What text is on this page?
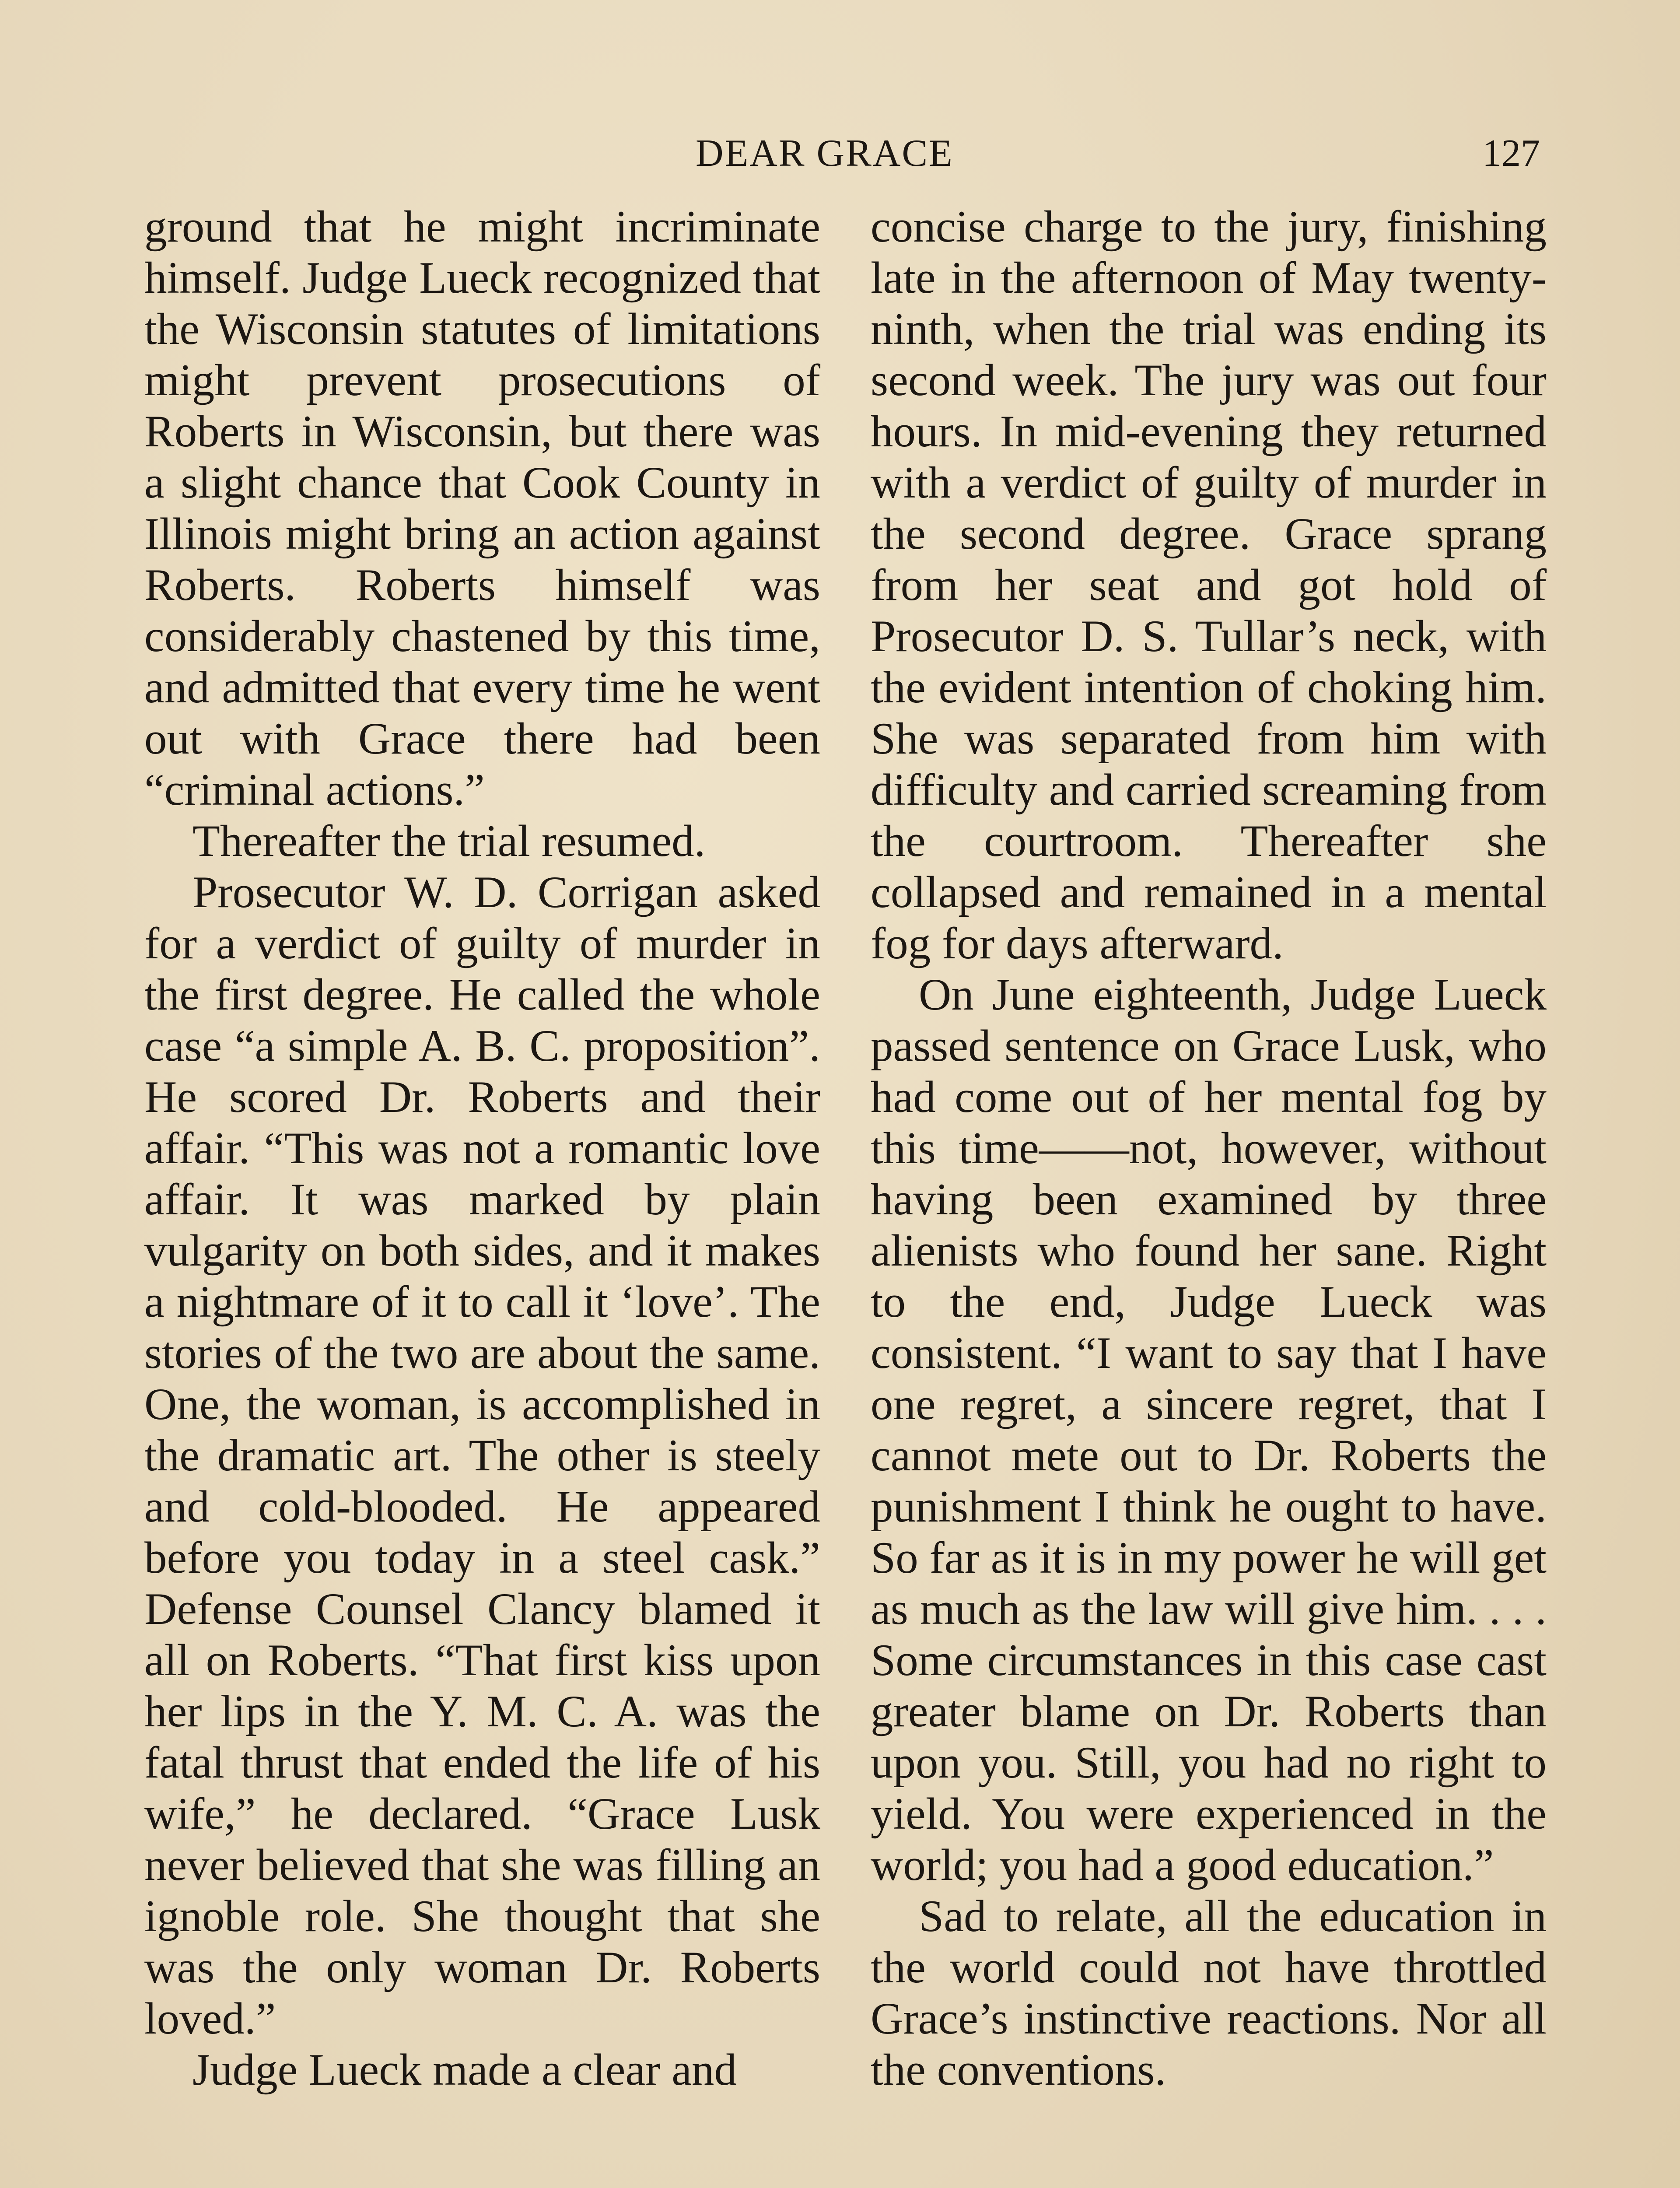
DEAR GRACE	127

ground that he might incriminate himself. Judge Lueck recognized that the Wisconsin statutes of limitations might prevent prosecutions of Roberts in Wisconsin, but there was a slight chance that Cook County in Illinois might bring an action against Roberts. Roberts himself was considerably chastened by this time, and admitted that every time he went out with Grace there had been “criminal actions.”

Thereafter the trial resumed.

Prosecutor W. D. Corrigan asked for a verdict of guilty of murder in the first degree. He called the whole case “a simple A. B. C. proposition”. He scored Dr. Roberts and their affair. “This was not a romantic love affair. It was marked by plain vulgarity on both sides, and it makes a nightmare of it to call it ‘love’. The stories of the two are about the same. One, the woman, is accomplished in the dramatic art. The other is steely and cold-blooded. He appeared before you today in a steel cask.” Defense Counsel Clancy blamed it all on Roberts. “That first kiss upon her lips in the Y. M. C. A. was the fatal thrust that ended the life of his wife,” he declared. “Grace Lusk never believed that she was filling an ignoble role. She thought that she was the only woman Dr. Roberts loved.”

Judge Lueck made a clear and

concise charge to the jury, finishing late in the afternoon of May twenty-ninth, when the trial was ending its second week. The jury was out four hours. In mid-evening they returned with a verdict of guilty of murder in the second degree. Grace sprang from her seat and got hold of Prosecutor D. S. Tullar’s neck, with the evident intention of choking him. She was separated from him with difficulty and carried screaming from the courtroom. Thereafter she collapsed and remained in a mental fog for days afterward.

On June eighteenth, Judge Lueck passed sentence on Grace Lusk, who had come out of her mental fog by this time——not, however, without having been examined by three alienists who found her sane. Right to the end, Judge Lueck was consistent. “I want to say that I have one regret, a sincere regret, that I cannot mete out to Dr. Roberts the punishment I think he ought to have. So far as it is in my power he will get as much as the law will give him. . . . Some circumstances in this case cast greater blame on Dr. Roberts than upon you. Still, you had no right to yield. You were experienced in the world; you had a good education.”

Sad to relate, all the education in the world could not have throttled Grace’s instinctive reactions. Nor all the conventions.
